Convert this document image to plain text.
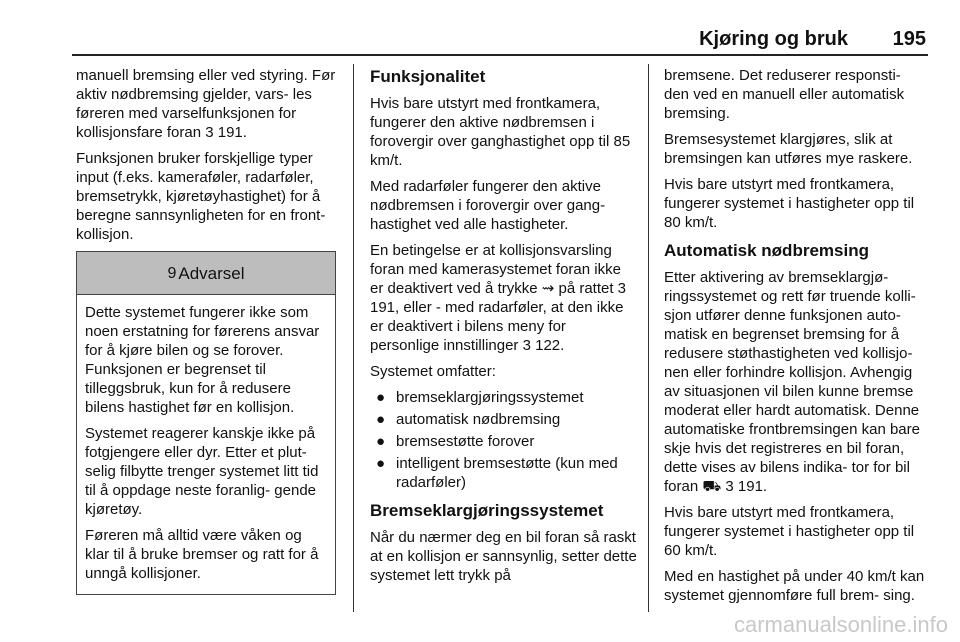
Kjøring og bruk 195

manuell bremsing eller ved styring. Før aktiv nødbremsing gjelder, vars- les føreren med varselfunksjonen for kollisjonsfare foran 3 191.

Funksjonen bruker forskjellige typer input (f.eks. kameraføler, radarføler, bremsetrykk, kjøretøyhastighet) for å beregne sannsynligheten for en front- kollisjon.

9 Advarsel

Dette systemet fungerer ikke som noen erstatning for førerens ansvar for å kjøre bilen og se forover. Funksjonen er begrenset til tilleggsbruk, kun for å redusere bilens hastighet før en kollisjon.

Systemet reagerer kanskje ikke på fotgjengere eller dyr. Etter et plut- selig filbytte trenger systemet litt tid til å oppdage neste foranlig- gende kjøretøy.

Føreren må alltid være våken og klar til å bruke bremser og ratt for å unngå kollisjoner.

Funksjonalitet

Hvis bare utstyrt med frontkamera, fungerer den aktive nødbremsen i forovergir over ganghastighet opp til 85 km/t.

Med radarføler fungerer den aktive nødbremsen i forovergir over gang- hastighet ved alle hastigheter.

En betingelse er at kollisjonsvarsling foran med kamerasystemet foran ikke er deaktivert ved å trykke ⇝ på rattet 3 191, eller - med radarføler, at den ikke er deaktivert i bilens meny for personlige innstillinger 3 122.

Systemet omfatter:

● bremseklargjøringssystemet
● automatisk nødbremsing
● bremsestøtte forover
● intelligent bremsestøtte (kun med radarføler)
Bremseklargjøringssystemet

Når du nærmer deg en bil foran så raskt at en kollisjon er sannsynlig, setter dette systemet lett trykk på

bremsene. Det reduserer responsti- den ved en manuell eller automatisk bremsing.

Bremsesystemet klargjøres, slik at bremsingen kan utføres mye raskere.

Hvis bare utstyrt med frontkamera, fungerer systemet i hastigheter opp til 80 km/t.

Automatisk nødbremsing

Etter aktivering av bremseklargjø- ringssystemet og rett før truende kolli- sjon utfører denne funksjonen auto- matisk en begrenset bremsing for å redusere støthastigheten ved kollisjo- nen eller forhindre kollisjon. Avhengig av situasjonen vil bilen kunne bremse moderat eller hardt automatisk. Denne automatiske frontbremsingen kan bare skje hvis det registreres en bil foran, dette vises av bilens indika- tor for bil foran ⛟ 3 191.

Hvis bare utstyrt med frontkamera, fungerer systemet i hastigheter opp til 60 km/t.

Med en hastighet på under 40 km/t kan systemet gjennomføre full brem- sing.

carmanualsonline.info
